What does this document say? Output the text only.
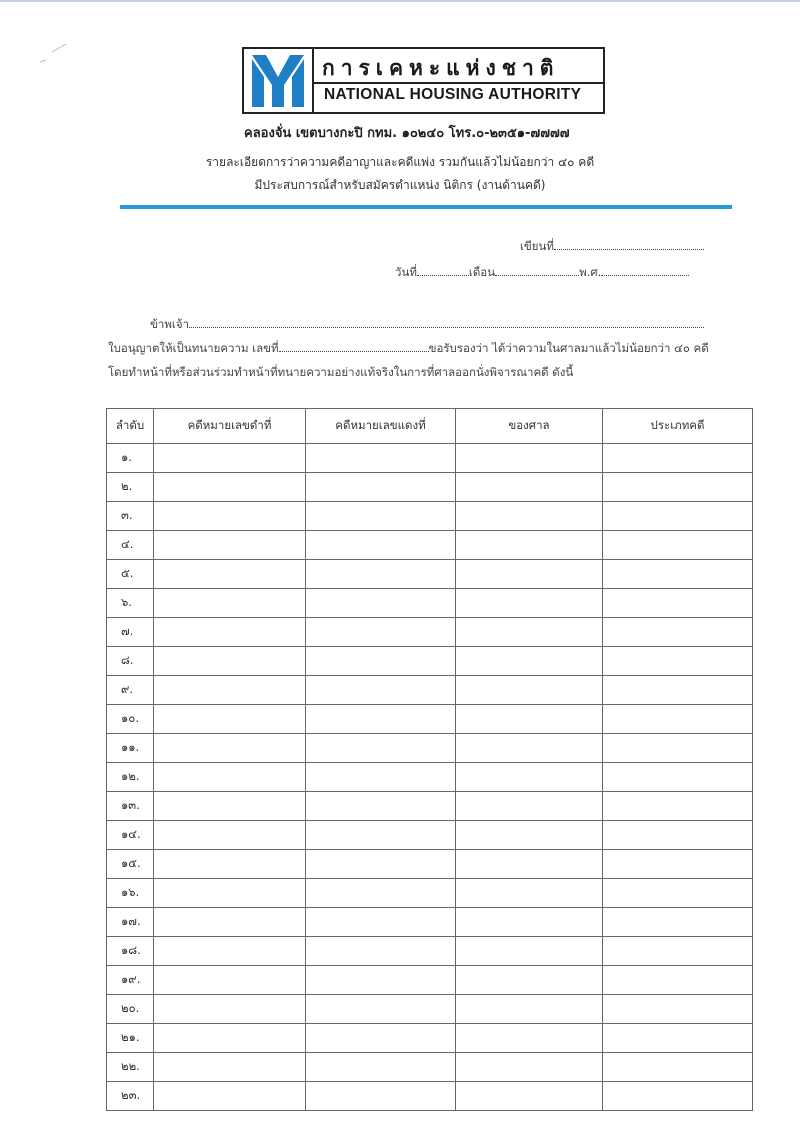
การเคหะแห่งชาติ
NATIONAL HOUSING AUTHORITY
คลองจั่น เขตบางกะปิ กทม. ๑๐๒๔๐ โทร.๐-๒๓๕๑-๗๗๗๗
รายละเอียดการว่าความคดีอาญาและคดีแพ่ง รวมกันแล้วไม่น้อยกว่า ๔๐ คดี
มีประสบการณ์สำหรับสมัครตำแหน่ง นิติกร (งานด้านคดี)
เขียนที่
วันที่	เดือน	พ.ศ.
ข้าพเจ้า
ใบอนุญาตให้เป็นทนายความ เลขที่	ขอรับรองว่า ได้ว่าความในศาลมาแล้วไม่น้อยกว่า ๔๐ คดี
โดยทำหน้าที่หรือส่วนร่วมทำหน้าที่ทนายความอย่างแท้จริงในการที่ศาลออกนั่งพิจารณาคดี ดังนี้
ลำดับ	คดีหมายเลขดำที่	คดีหมายเลขแดงที่	ของศาล	ประเภทคดี
๑.				
๒.				
๓.				
๔.				
๕.				
๖.				
๗.				
๘.				
๙.				
๑๐.				
๑๑.				
๑๒.				
๑๓.				
๑๔.				
๑๕.				
๑๖.				
๑๗.				
๑๘.				
๑๙.				
๒๐.				
๒๑.				
๒๒.				
๒๓.				
